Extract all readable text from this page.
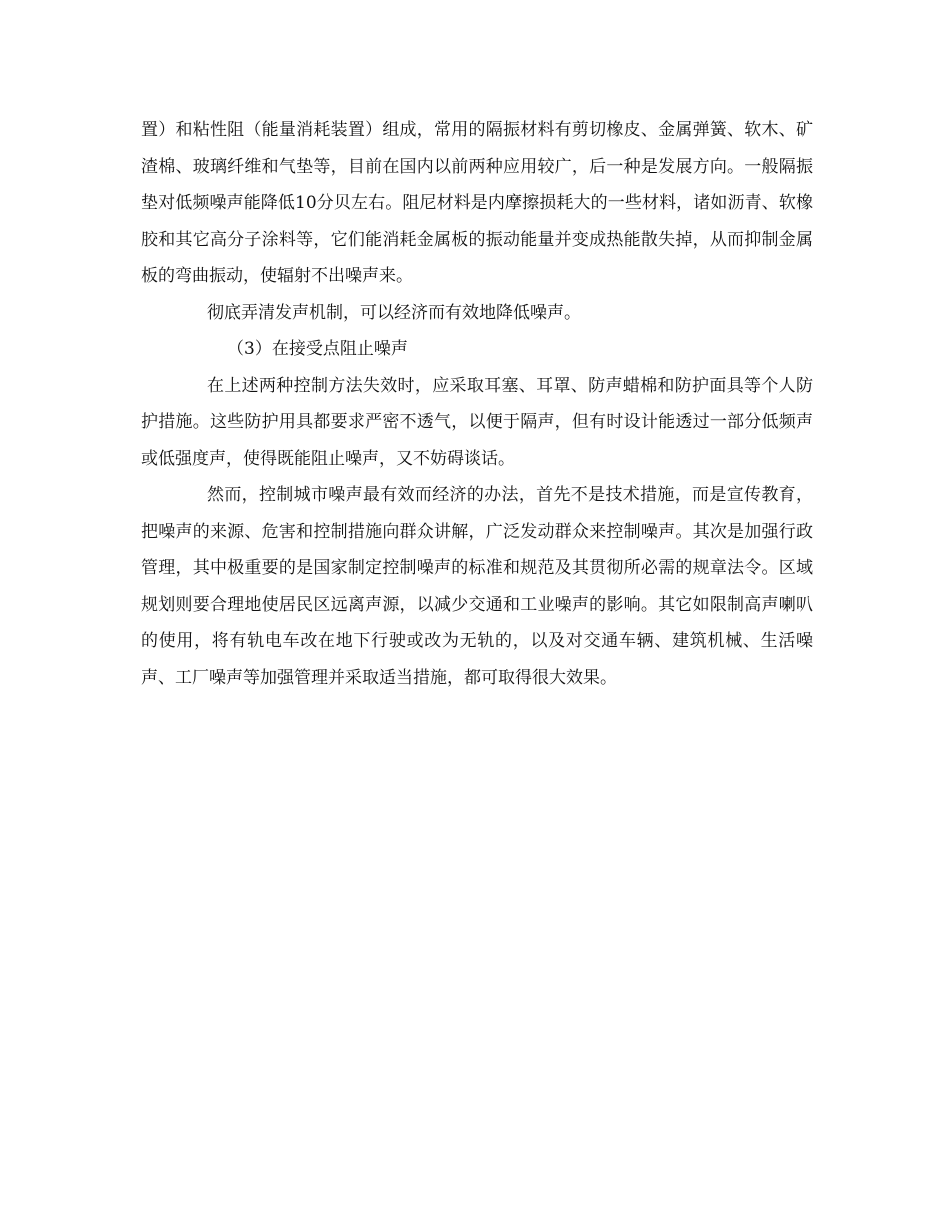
置）和粘性阻（能量消耗装置）组成，常用的隔振材料有剪切橡皮、金属弹簧、软木、矿渣棉、玻璃纤维和气垫等，目前在国内以前两种应用较广，后一种是发展方向。一般隔振垫对低频噪声能降低10分贝左右。阻尼材料是内摩擦损耗大的一些材料，诸如沥青、软橡胶和其它高分子涂料等，它们能消耗金属板的振动能量并变成热能散失掉，从而抑制金属板的弯曲振动，使辐射不出噪声来。

彻底弄清发声机制，可以经济而有效地降低噪声。

（3）在接受点阻止噪声

在上述两种控制方法失效时，应采取耳塞、耳罩、防声蜡棉和防护面具等个人防护措施。这些防护用具都要求严密不透气，以便于隔声，但有时设计能透过一部分低频声或低强度声，使得既能阻止噪声，又不妨碍谈话。

然而，控制城市噪声最有效而经济的办法，首先不是技术措施，而是宣传教育，把噪声的来源、危害和控制措施向群众讲解，广泛发动群众来控制噪声。其次是加强行政管理，其中极重要的是国家制定控制噪声的标准和规范及其贯彻所必需的规章法令。区域规划则要合理地使居民区远离声源，以减少交通和工业噪声的影响。其它如限制高声喇叭的使用，将有轨电车改在地下行驶或改为无轨的，以及对交通车辆、建筑机械、生活噪声、工厂噪声等加强管理并采取适当措施，都可取得很大效果。
